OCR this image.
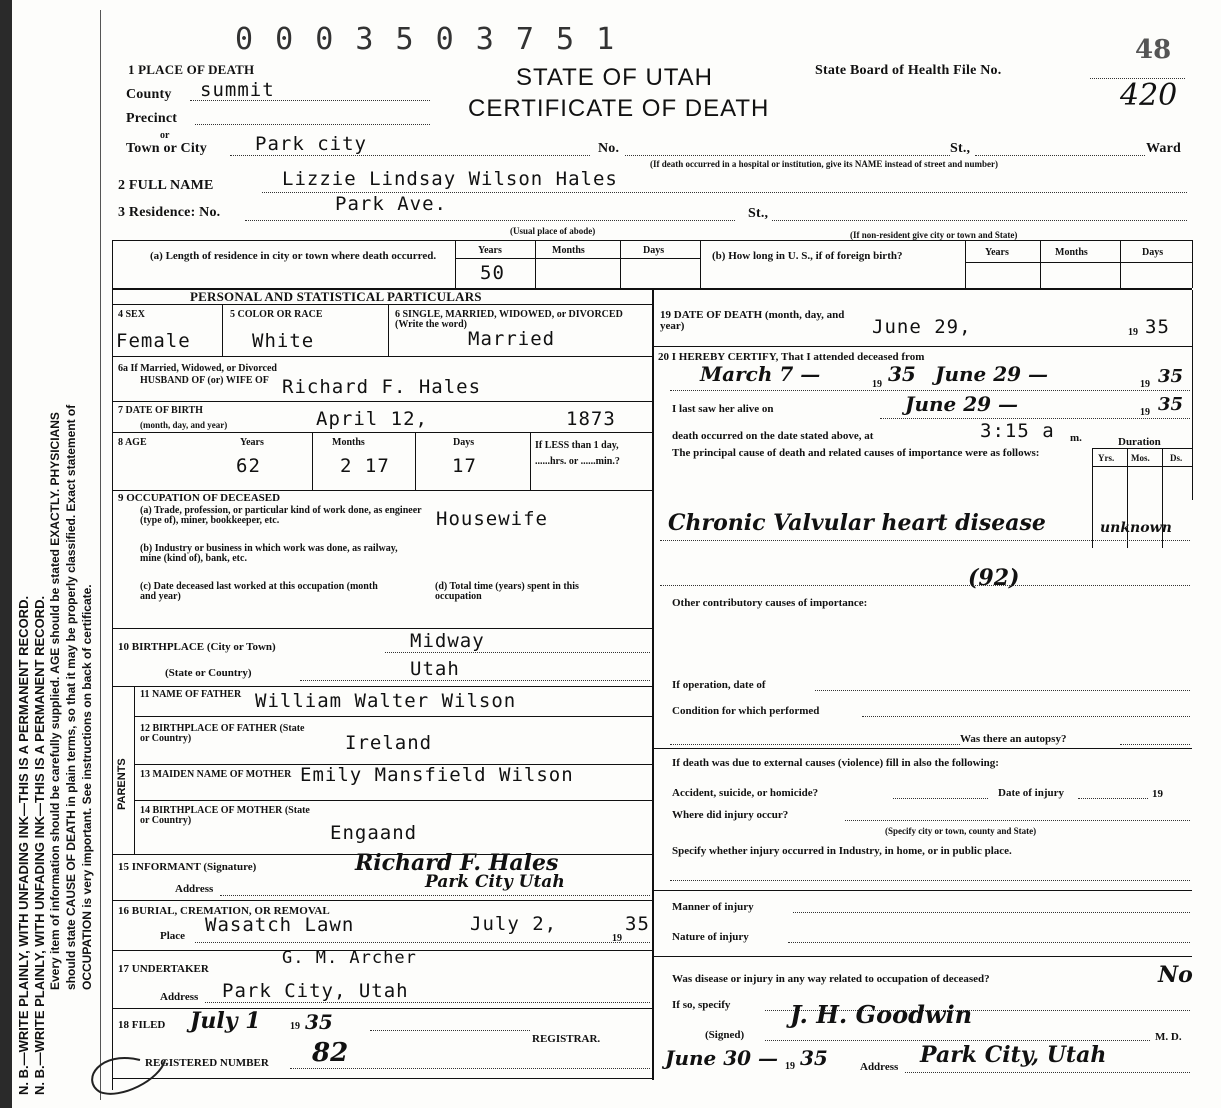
N. B.—WRITE PLAINLY, WITH UNFADING INK—THIS IS A PERMANENT RECORD. N. B.—WRITE PLAINLY, WITH UNFADING INK—THIS IS A PERMANENT RECORD. Every item of information should be carefully supplied. AGE should be stated EXACTLY. PHYSICIANS should state CAUSE OF DEATH in plain terms, so that it may be properly classified. Exact statement of OCCUPATION is very important. See instructions on back of certificate.
0 0 0 3 5 0 3 7 5 1	48
1 PLACE OF DEATH	STATE OF UTAH
CERTIFICATE OF DEATH
State Board of Health File No.
420
County summit
Precinct
or
Town or City	Park city	No.	St.,	Ward
(If death occurred in a hospital or institution, give its NAME instead of street and number)
2 FULL NAME	Lizzie Lindsay Wilson Hales
3 Residence: No.	Park Ave.	St.,
(Usual place of abode)	(If non-resident give city or town and State)
(a) Length of residence in city or town where death occurred.	Years	Months	Days
50
(b) How long in U. S., if of foreign birth?	Years	Months	Days
PERSONAL AND STATISTICAL PARTICULARS
4 SEX
Female
5 COLOR OR RACE
White
6 SINGLE, MARRIED, WIDOWED, or DIVORCED (Write the word)
Married
6a If Married, Widowed, or Divorced
HUSBAND OF (or) WIFE OF Richard F. Hales
7 DATE OF BIRTH
(month, day, and year)	April 12,	1873
8 AGE	Years	Months	Days
62	2 17	17
If LESS than 1 day, ......hrs. or ......min.?
9 OCCUPATION OF DECEASED
(a) Trade, profession, or particular kind of work done, as engineer (type of), miner, bookkeeper, etc.	Housewife
(b) Industry or business in which work was done, as railway, mine (kind of), bank, etc.
(c) Date deceased last worked at this occupation (month and year)
(d) Total time (years) spent in this occupation
10 BIRTHPLACE (City or Town)	Midway
(State or Country)	Utah
PARENTS
11 NAME OF FATHER William Walter Wilson
12 BIRTHPLACE OF FATHER (State or Country)	Ireland
13 MAIDEN NAME OF MOTHER Emily Mansfield Wilson
14 BIRTHPLACE OF MOTHER (State or Country)
Engaand
15 INFORMANT (Signature)	Richard F. Hales
Address	Park City Utah
16 BURIAL, CREMATION, OR REMOVAL
Place Wasatch Lawn	July 2,
19
35
17 UNDERTAKER
G. M. Archer
Address Park City, Utah
18 FILED July 1	19 35
REGISTRAR.
REGISTERED NUMBER 82
19 DATE OF DEATH (month, day, and year)	June 29,	19 35
20 I HEREBY CERTIFY, That I attended deceased from
March 7 —	19 35 June 29 —	19 35
I last saw her alive on	June 29 —	19 35
death occurred on the date stated above, at	3:15 a m.	Duration
Yrs. Mos. Ds.
The principal cause of death and related causes of importance were as follows:
Chronic Valvular heart disease	unknown
(92)
Other contributory causes of importance:
If operation, date of
Condition for which performed
Was there an autopsy?
If death was due to external causes (violence) fill in also the following:
Accident, suicide, or homicide?	Date of injury	19
Where did injury occur?
(Specify city or town, county and State)
Specify whether injury occurred in Industry, in home, or in public place.
Manner of injury
Nature of injury
Was disease or injury in any way related to occupation of deceased?	No
If so, specify J. H. Goodwin
(Signed)	M. D.
June 30 — 19 35	Address Park City, Utah
